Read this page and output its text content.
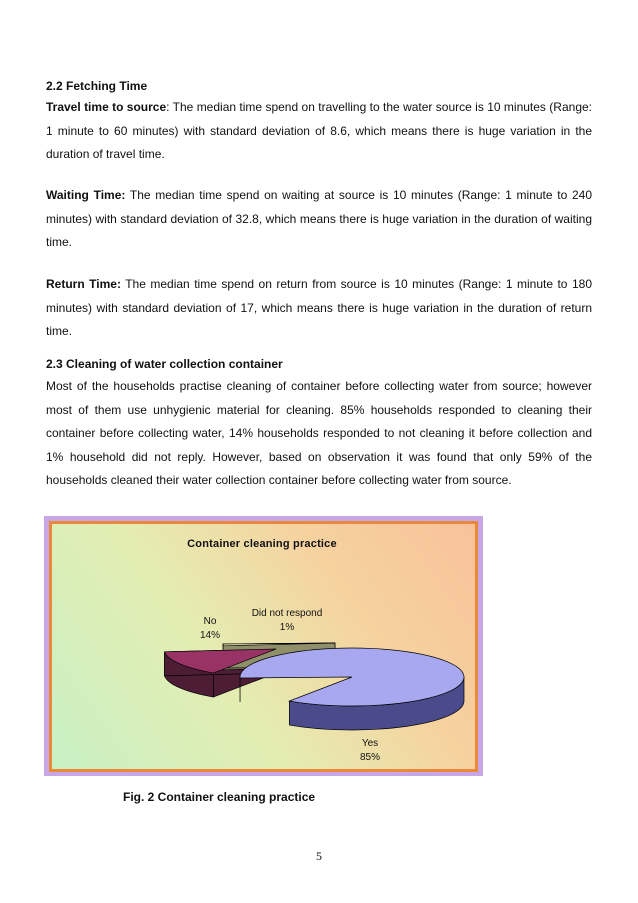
2.2 Fetching Time

Travel time to source: The median time spend on travelling to the water source is 10 minutes (Range: 1 minute to 60 minutes) with standard deviation of 8.6, which means there is huge variation in the duration of travel time.

Waiting Time: The median time spend on waiting at source is 10 minutes (Range: 1 minute to 240 minutes) with standard deviation of 32.8, which means there is huge variation in the duration of waiting time.

Return Time: The median time spend on return from source is 10 minutes (Range: 1 minute to 180 minutes) with standard deviation of 17, which means there is huge variation in the duration of return time.

2.3 Cleaning of water collection container

Most of the households practise cleaning of container before collecting water from source; however most of them use unhygienic material for cleaning. 85% households responded to cleaning their container before collecting water, 14% households responded to not cleaning it before collection and 1% household did not reply. However, based on observation it was found that only 59% of the households cleaned their water collection container before collecting water from source.

Container cleaning practice
No
14%
Did not respond
1%
Yes
85%
Fig. 2 Container cleaning practice
5
